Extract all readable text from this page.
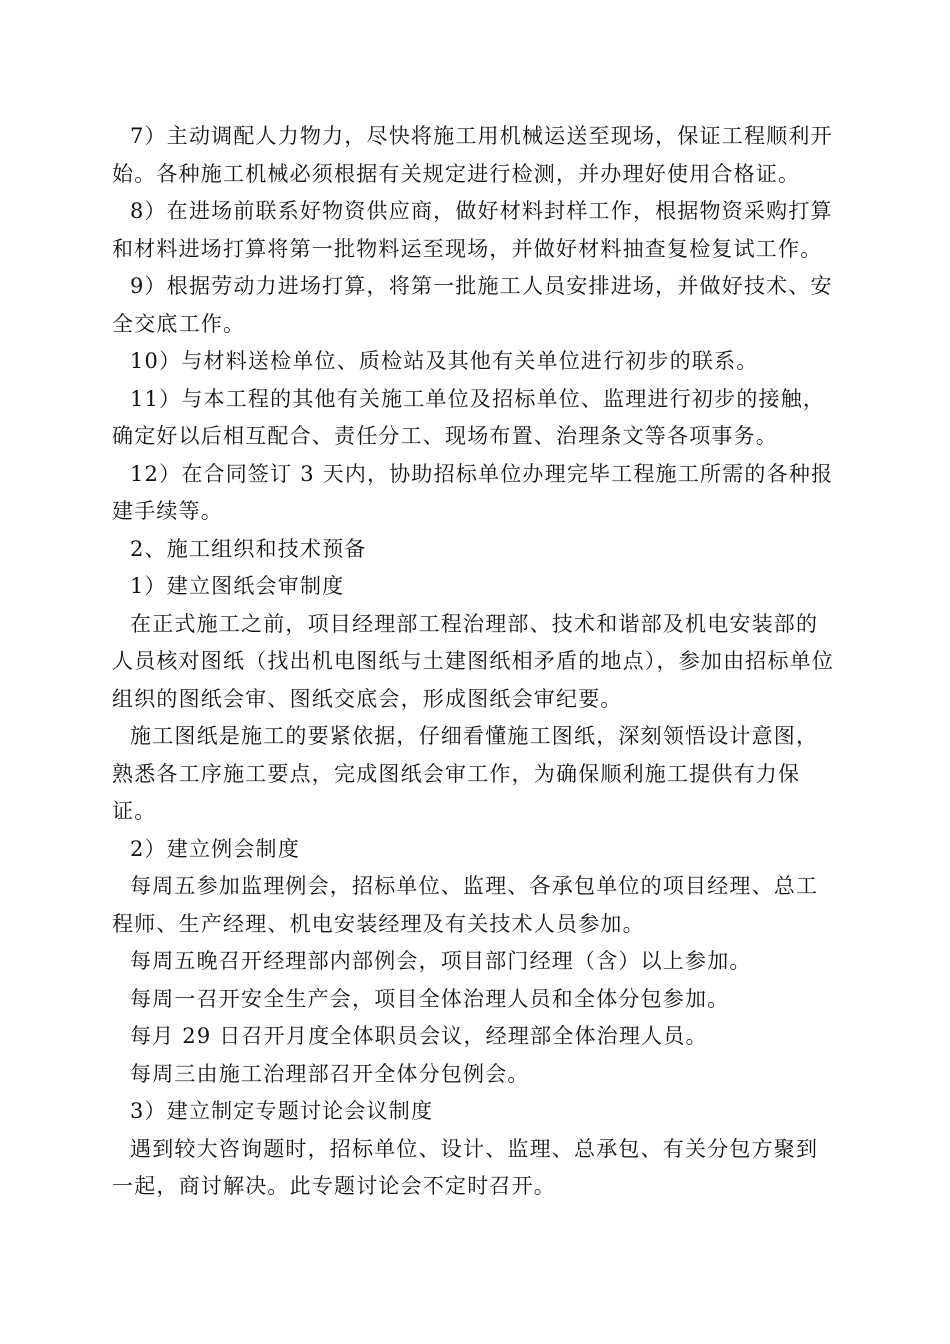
7）主动调配人力物力，尽快将施工用机械运送至现场，保证工程顺利开始。各种施工机械必须根据有关规定进行检测，并办理好使用合格证。

8）在进场前联系好物资供应商，做好材料封样工作，根据物资采购打算和材料进场打算将第一批物料运至现场，并做好材料抽查复检复试工作。

9）根据劳动力进场打算，将第一批施工人员安排进场，并做好技术、安全交底工作。

10）与材料送检单位、质检站及其他有关单位进行初步的联系。

11）与本工程的其他有关施工单位及招标单位、监理进行初步的接触，确定好以后相互配合、责任分工、现场布置、治理条文等各项事务。

12）在合同签订 3 天内，协助招标单位办理完毕工程施工所需的各种报建手续等。

2、施工组织和技术预备

1）建立图纸会审制度

在正式施工之前，项目经理部工程治理部、技术和谐部及机电安装部的人员核对图纸（找出机电图纸与土建图纸相矛盾的地点），参加由招标单位组织的图纸会审、图纸交底会，形成图纸会审纪要。

施工图纸是施工的要紧依据，仔细看懂施工图纸，深刻领悟设计意图，熟悉各工序施工要点，完成图纸会审工作，为确保顺利施工提供有力保证。

2）建立例会制度

每周五参加监理例会，招标单位、监理、各承包单位的项目经理、总工程师、生产经理、机电安装经理及有关技术人员参加。

每周五晚召开经理部内部例会，项目部门经理（含）以上参加。

每周一召开安全生产会，项目全体治理人员和全体分包参加。

每月 29 日召开月度全体职员会议，经理部全体治理人员。

每周三由施工治理部召开全体分包例会。

3）建立制定专题讨论会议制度

遇到较大咨询题时，招标单位、设计、监理、总承包、有关分包方聚到一起，商讨解决。此专题讨论会不定时召开。
